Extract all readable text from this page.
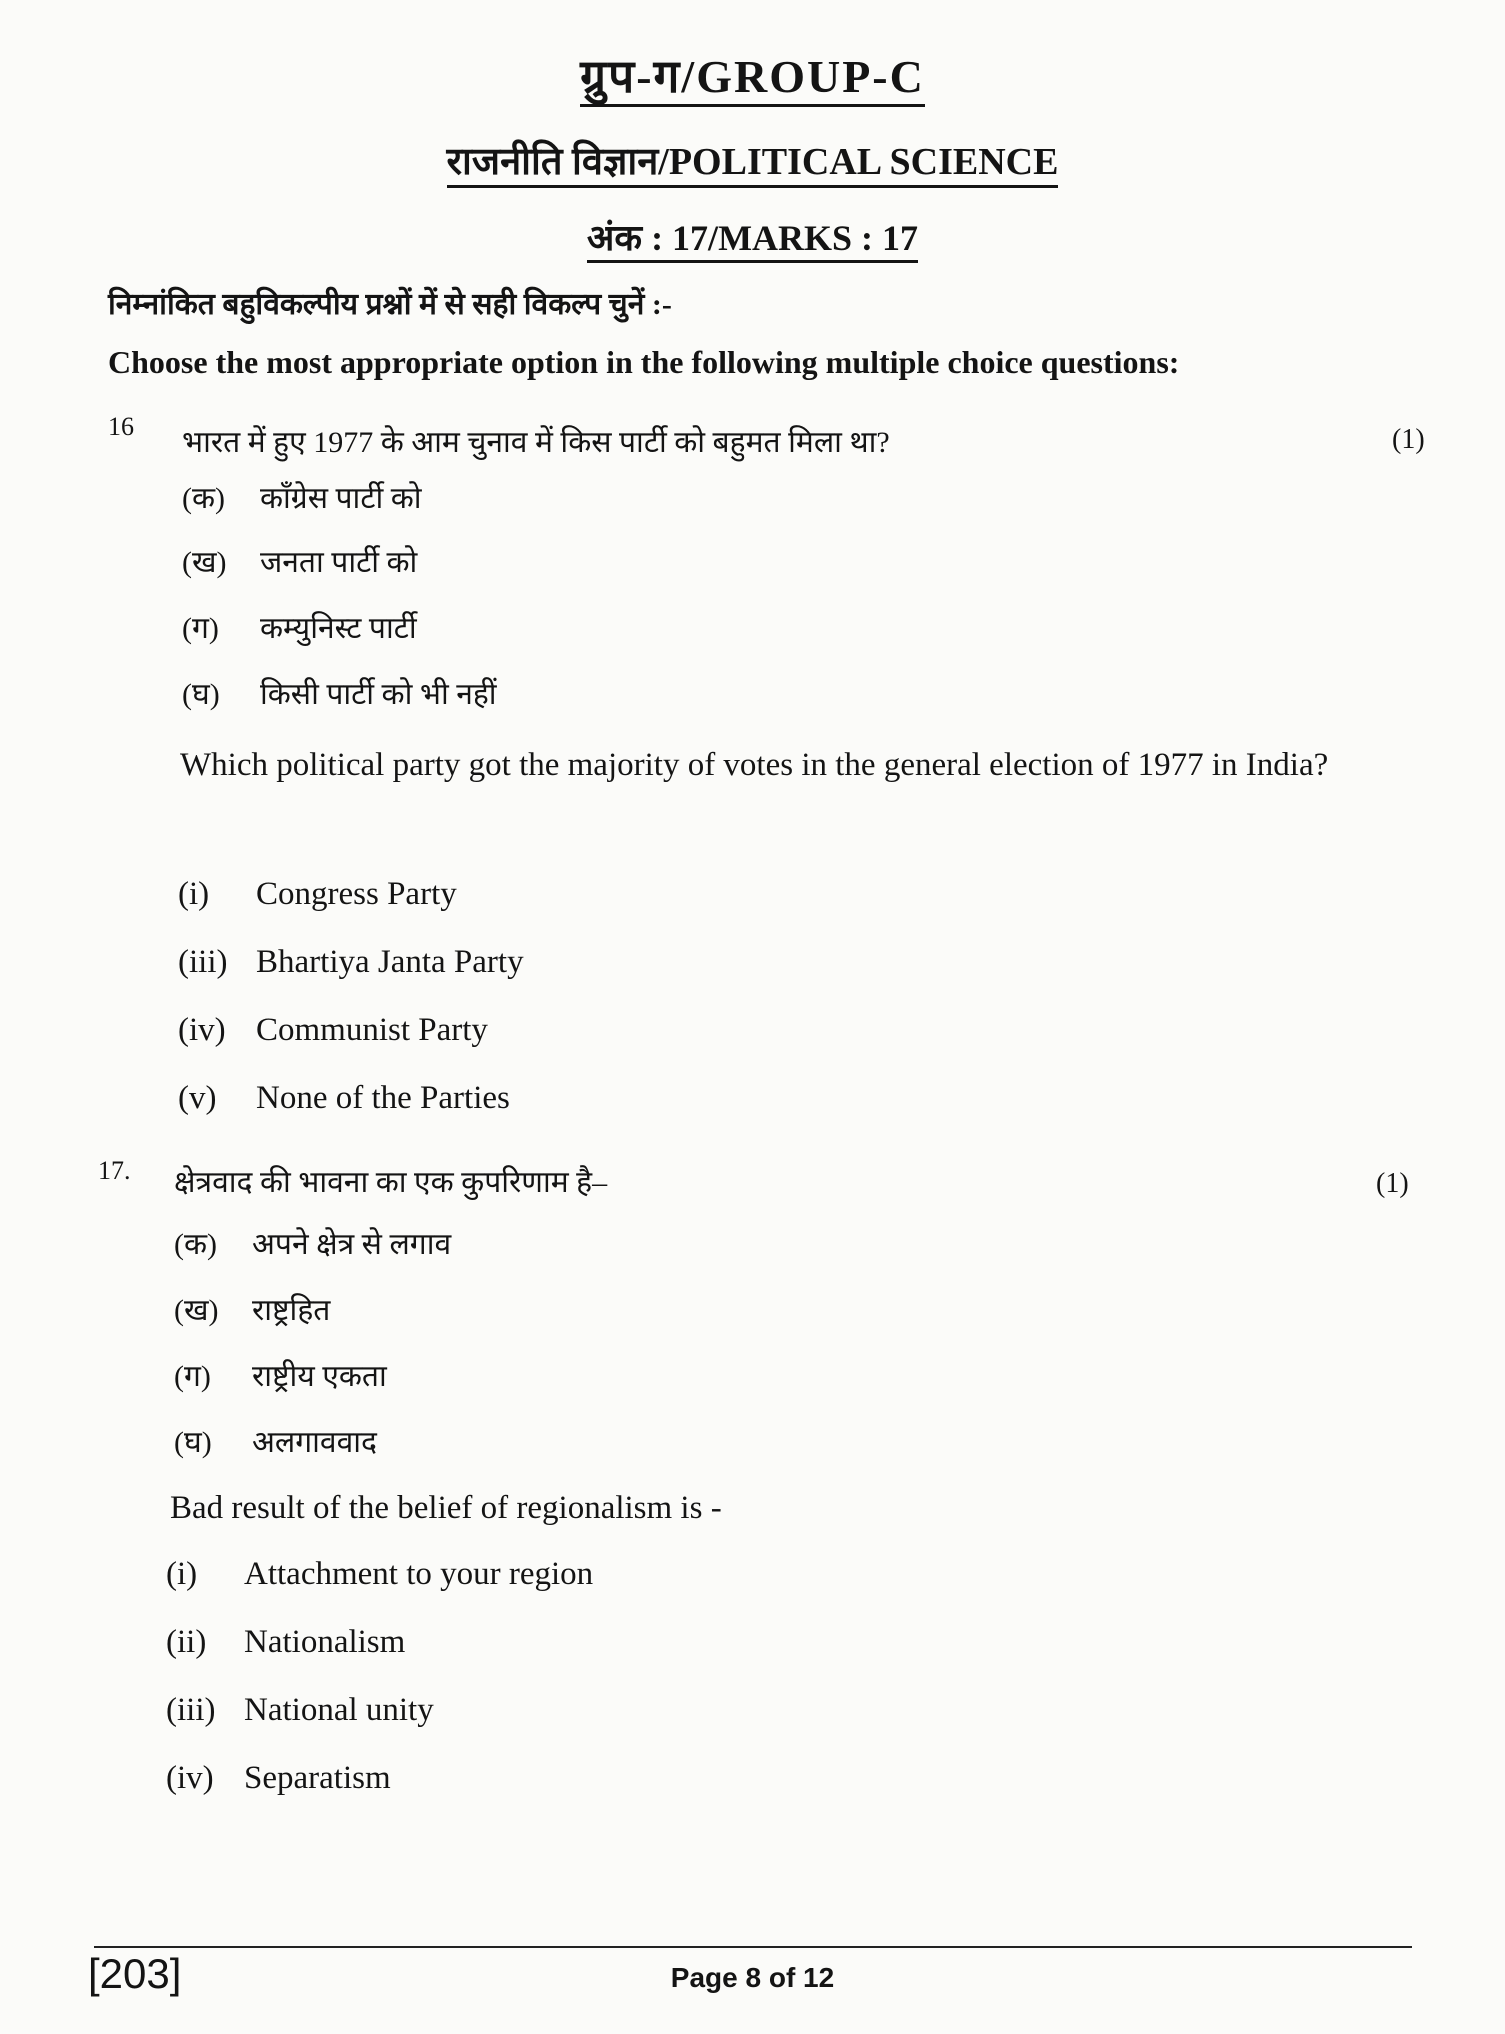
ग्रुप-ग/GROUP-C
राजनीति विज्ञान/POLITICAL SCIENCE
अंक : 17/MARKS : 17
निम्नांकित बहुविकल्पीय प्रश्नों में से सही विकल्प चुनें :-
Choose the most appropriate option in the following multiple choice questions:
16 भारत में हुए 1977 के आम चुनाव में किस पार्टी को बहुमत मिला था?	(1)
(क) काँग्रेस पार्टी को
(ख) जनता पार्टी को
(ग) कम्युनिस्ट पार्टी
(घ) किसी पार्टी को भी नहीं
Which political party got the majority of votes in the general election of 1977 in India?
(i) Congress Party
(iii) Bhartiya Janta Party
(iv) Communist Party
(v) None of the Parties
17. क्षेत्रवाद की भावना का एक कुपरिणाम है–	(1)
(क) अपने क्षेत्र से लगाव
(ख) राष्ट्रहित
(ग) राष्ट्रीय एकता
(घ) अलगाववाद
Bad result of the belief of regionalism is -
(i) Attachment to your region
(ii) Nationalism
(iii) National unity
(iv) Separatism
[203]	Page 8 of 12
